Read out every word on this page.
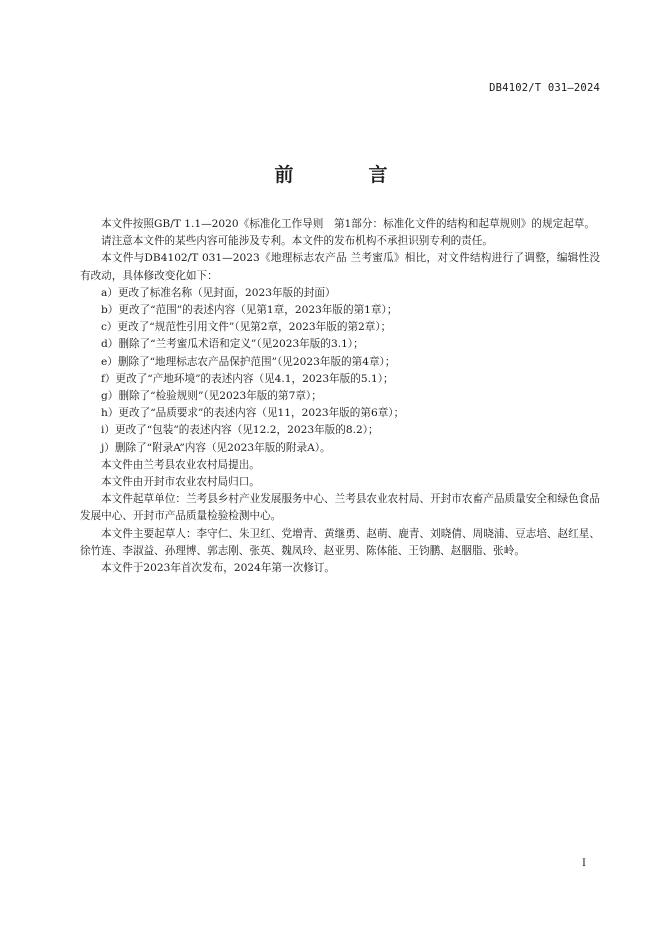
DB4102/T 031—2024
前　言

本文件按照GB/T 1.1—2020《标准化工作导则　第1部分：标准化文件的结构和起草规则》的规定起草。

请注意本文件的某些内容可能涉及专利。本文件的发布机构不承担识别专利的责任。

本文件与DB4102/T 031—2023《地理标志农产品 兰考蜜瓜》相比，对文件结构进行了调整，编辑性没有改动，具体修改变化如下：

a）更改了标准名称（见封面，2023年版的封面）

b）更改了“范围”的表述内容（见第1章，2023年版的第1章）；

c）更改了“规范性引用文件”（见第2章，2023年版的第2章）；

d）删除了“兰考蜜瓜术语和定义”（见2023年版的3.1）；

e）删除了“地理标志农产品保护范围”（见2023年版的第4章）；

f）更改了“产地环境”的表述内容（见4.1，2023年版的5.1）；

g）删除了“检验规则”（见2023年版的第7章）；

h）更改了“品质要求”的表述内容（见11，2023年版的第6章）；

i）更改了“包装”的表述内容（见12.2，2023年版的8.2）；

j）删除了“附录A”内容（见2023年版的附录A）。

本文件由兰考县农业农村局提出。

本文件由开封市农业农村局归口。

本文件起草单位：兰考县乡村产业发展服务中心、兰考县农业农村局、开封市农畜产品质量安全和绿色食品发展中心、开封市产品质量检验检测中心。

本文件主要起草人：李守仁、朱卫红、党增青、黄继勇、赵萌、鹿青、刘晓倩、周晓浦、豆志培、赵红星、徐竹连、李淑益、孙理博、郭志刚、张英、魏凤玲、赵亚男、陈体能、王钧鹏、赵胭脂、张岭。

本文件于2023年首次发布，2024年第一次修订。

I
